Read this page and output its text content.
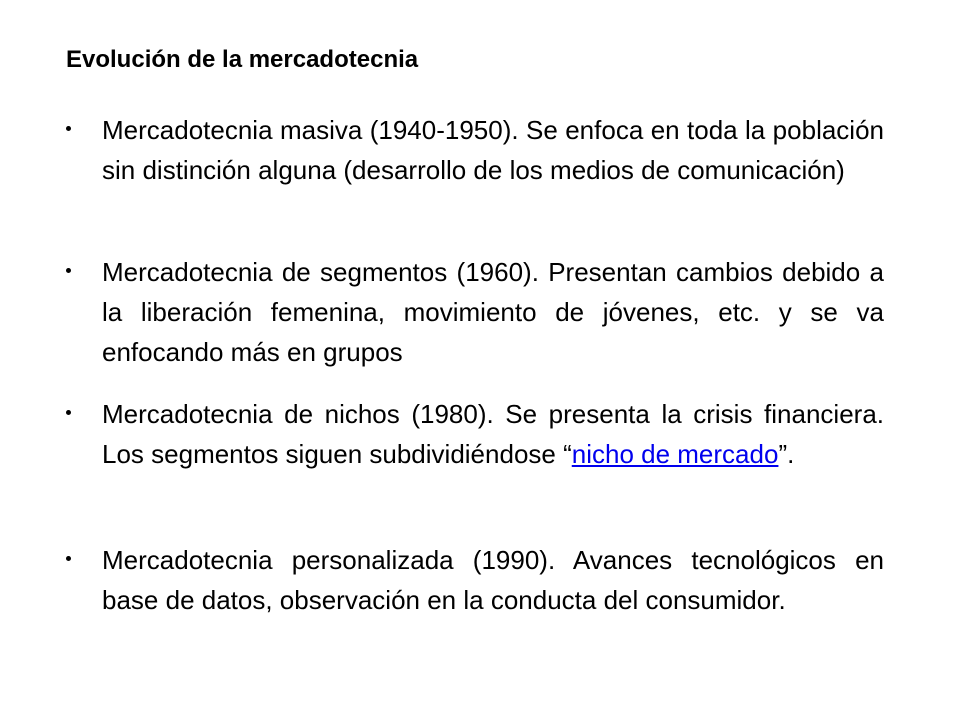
Evolución de la mercadotecnia

Mercadotecnia masiva (1940-1950). Se enfoca en toda la población sin distinción alguna (desarrollo de los medios de comunicación)

Mercadotecnia de segmentos (1960). Presentan cambios debido a la liberación femenina, movimiento de jóvenes, etc. y se va enfocando más en grupos

Mercadotecnia de nichos (1980). Se presenta la crisis financiera. Los segmentos siguen subdividiéndose “nicho de mercado”.

Mercadotecnia personalizada (1990). Avances tecnológicos en base de datos, observación en la conducta del consumidor.
